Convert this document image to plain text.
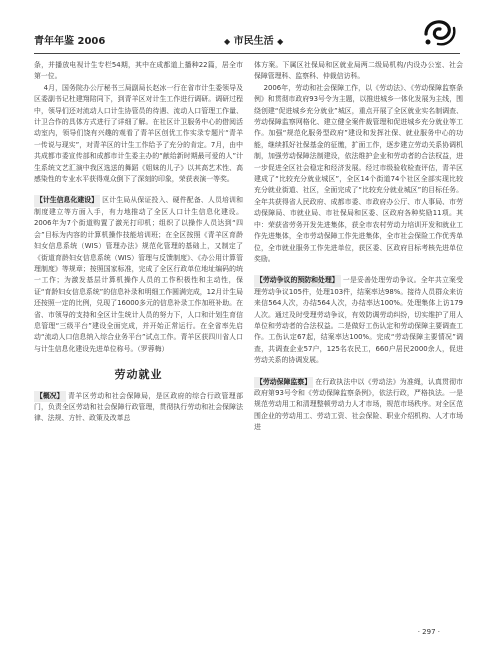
青年年鉴 2006	◆ 市民生活 ◆

条，并播放电视计生专栏54期，其中在成都道上播种22篇，居全市第一位。

4月，国务院办公厅秘书三局副局长赵冰一行在省市计生委领导及区委副书记杜建翔陪同下，到青羊区对计生工作进行调研。调研过程中，领导们还对流动人口计生协管员的待遇、流动人口管理工作量、计卫合作的具体方式进行了详细了解。在社区计卫服务中心的借阅活动室内，领导们饶有兴趣的观看了青羊区创优工作实录专题片“青羊一传说与现实”，对青羊区的计生工作给予了充分的肯定。7月，由中共成都市委宣传部和成都市计生委主办的“献给新时期最可爱的人”计生系统文艺汇演中我区选送的舞蹈《姐妹的儿子》以其高艺术性、高感染性的专业水平获得观众倒下了深刻的印象，荣获表演一等奖。

【计生信息化建设】 区计生局从保证投入、硬件配备、人员培训和制度建立等方面入手，有力地推动了全区人口计生信息化建设。2006年为7个街道购置了激光打印机；组织了以操作人员达到“四会”目标为内容的计算机操作技能培训班；在全区按照《青羊区育龄妇女信息系统（WIS）管理办法》规范化管理的基础上，又制定了《街道育龄妇女信息系统（WIS）管理与反馈制度》、《办公用计算管理制度》等规章；按照国家标准，完成了全区行政单位地址编码的统一工作；为激发基层计算机操作人员的工作积极性和主动性，保证“育龄妇女信息系统”的信息补录和明细工作圆满完成，12月计生局还按照一定的比例，兑现了16000多元的信息补录工作加班补助。在省、市领导的支持和全区计生统计人员的努力下，人口和计划生育信息管理“三级平台”建设全面完成，并开始正常运行。在全省率先启动“流动人口信息纳入综合业务平台”试点工作。青羊区获四川省人口与计生信息化建设先进单位称号。（罗蓉梅）

劳动就业

【概况】 青羊区劳动和社会保障局，是区政府的综合行政管理部门，负责全区劳动和社会保障行政管理，贯彻执行劳动和社会保障法律、法规、方针、政策及改革总

体方案。下属区社保局和区就业局两二级局机构/内设办公室、社会保障管理科、监察科、仲裁信访科。

2006年，劳动和社会保障工作，以《劳动法》、《劳动保障监察条例》和贯彻市政府93号令为主题，以推进城乡一体化发展为主线，围绕创建“促进城乡充分就业”城区，重点开展了全区就业实名制调查、劳动保障监察网格化、建立健全案件裁管理和促进城乡充分就业等工作。加强“规范化服务型政府”建设和发挥社保、就业服务中心的功能，继续抓好社保基金的征缴，扩面工作，逐步建立劳动关系协调机制，加强劳动保障法制建设，依法维护企业和劳动者的合法权益，进一步促进全区社会稳定和经济发展。经过市级验收检查评估，青羊区建成了“比较充分就业城区”，全区14个街道74个社区全部实现比较充分就业街道、社区，全面完成了“比较充分就业城区”的目标任务。全年共获得省人民政府、成都市委、市政府办公厅、市人事局、市劳动保障局、市就业局、市社保局和区委、区政府各种奖励11项。其中：荣获省劳务开发先进集体，获全市农村劳动力培训开发和就业工作先进集体，全市劳动保障工作先进集体，全市社会保险工作优秀单位，全市就业服务工作先进单位，获区委、区政府目标考核先进单位奖励。

【劳动争议的预防和处理】 一是妥善处理劳动争议。全年共立案受理劳动争议105件，处理103件，结案率达98%。接待人员群众来访来信564人次，办结564人次，办结率达100%。处理集体上访179人次。通过及时受理劳动争议，有效防调劳动纠纷，切实维护了用人单位和劳动者的合法权益。二是做好工伤认定和劳动保障主要调查工作。工伤认定67起，结案率达100%。完成“劳动保障主要情况”调查，共调查企业57户，125名农民工，660户居民2000余人，促进劳动关系的协调发展。

【劳动保障监察】 在行政执法中以《劳动法》为准绳，认真贯彻市政府第93号令和《劳动保障监察条例》，依法行政，严格执法。一是规范劳动用工和清理整顿劳动力人才市场，规范市场秩序。对全区范围企业的劳动用工、劳动工资、社会保险、职业介绍机构、人才市场进

· 297 ·
